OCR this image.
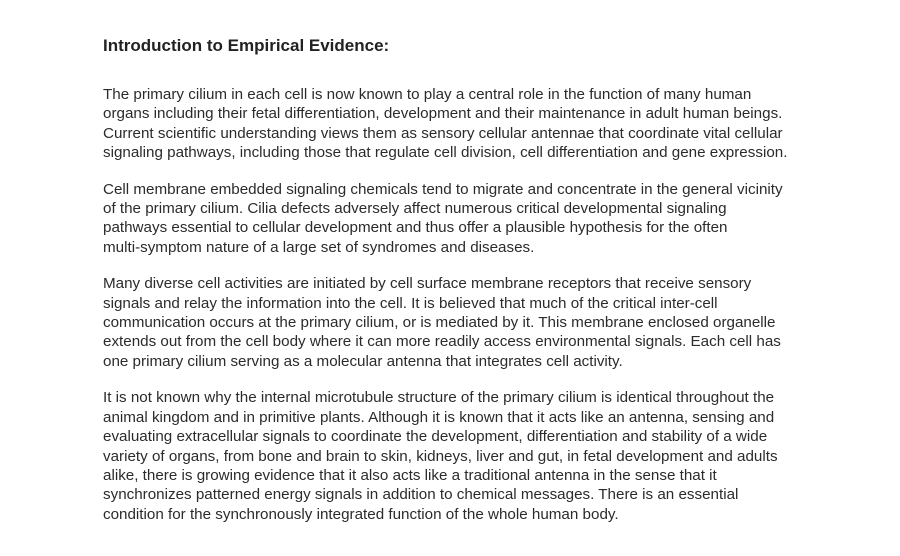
Introduction to Empirical Evidence:

The primary cilium in each cell is now known to play a central role in the function of many human
organs including their fetal differentiation, development and their maintenance in adult human beings.
Current scientific understanding views them as sensory cellular antennae that coordinate vital cellular
signaling pathways, including those that regulate cell division, cell differentiation and gene expression.

Cell membrane embedded signaling chemicals tend to migrate and concentrate in the general vicinity
of the primary cilium. Cilia defects adversely affect numerous critical developmental signaling
pathways essential to cellular development and thus offer a plausible hypothesis for the often
multi-symptom nature of a large set of syndromes and diseases.

Many diverse cell activities are initiated by cell surface membrane receptors that receive sensory
signals and relay the information into the cell. It is believed that much of the critical inter-cell
communication occurs at the primary cilium, or is mediated by it. This membrane enclosed organelle
extends out from the cell body where it can more readily access environmental signals. Each cell has
one primary cilium serving as a molecular antenna that integrates cell activity.

It is not known why the internal microtubule structure of the primary cilium is identical throughout the
animal kingdom and in primitive plants. Although it is known that it acts like an antenna, sensing and
evaluating extracellular signals to coordinate the development, differentiation and stability of a wide
variety of organs, from bone and brain to skin, kidneys, liver and gut, in fetal development and adults
alike, there is growing evidence that it also acts like a traditional antenna in the sense that it
synchronizes patterned energy signals in addition to chemical messages. There is an essential
condition for the synchronously integrated function of the whole human body.
